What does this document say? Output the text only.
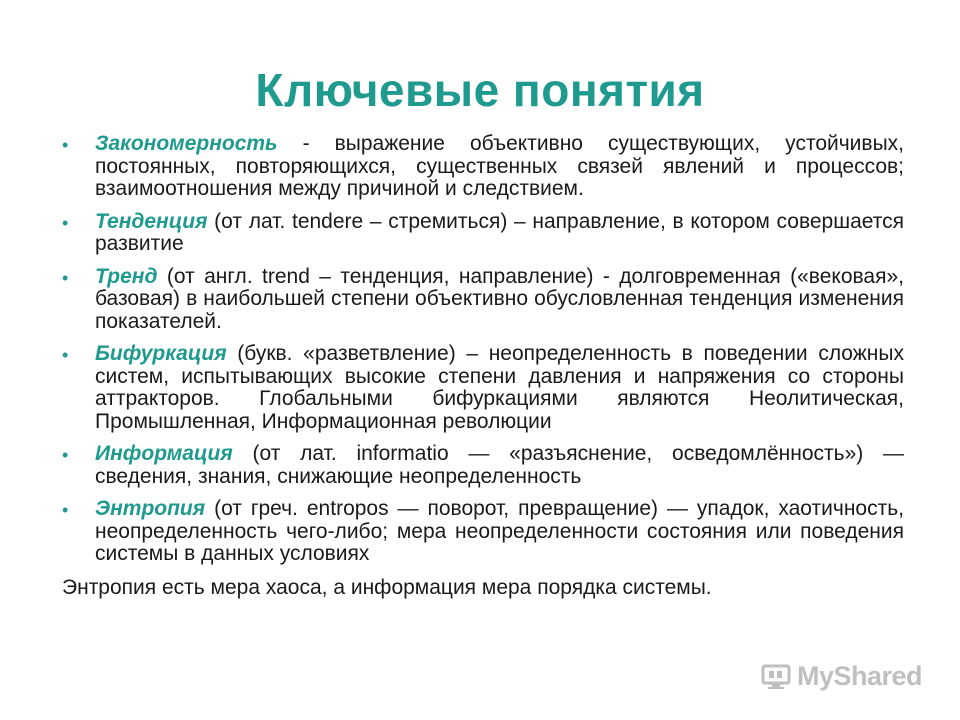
Ключевые понятия
• Закономерность - выражение объективно существующих, устойчивых, постоянных, повторяющихся, существенных связей явлений и процессов; взаимоотношения между причиной и следствием.
• Тенденция (от лат. tendere – стремиться) – направление, в котором совершается развитие
• Тренд (от англ. trend – тенденция, направление) - долговременная («вековая», базовая) в наибольшей степени объективно обусловленная тенденция изменения показателей.
• Бифуркация (букв. «разветвление) – неопределенность в поведении сложных систем, испытывающих высокие степени давления и напряжения со стороны аттракторов. Глобальными бифуркациями являются Неолитическая, Промышленная, Информационная революции
• Информация (от лат. informatio — «разъяснение, осведомлённость») — сведения, знания, снижающие неопределенность
• Энтропия (от греч. entropos — поворот, превращение) — упадок, хаотичность, неопределенность чего-либо; мера неопределенности состояния или поведения системы в данных условиях
Энтропия есть мера хаоса, а информация мера порядка системы.
MyShared
